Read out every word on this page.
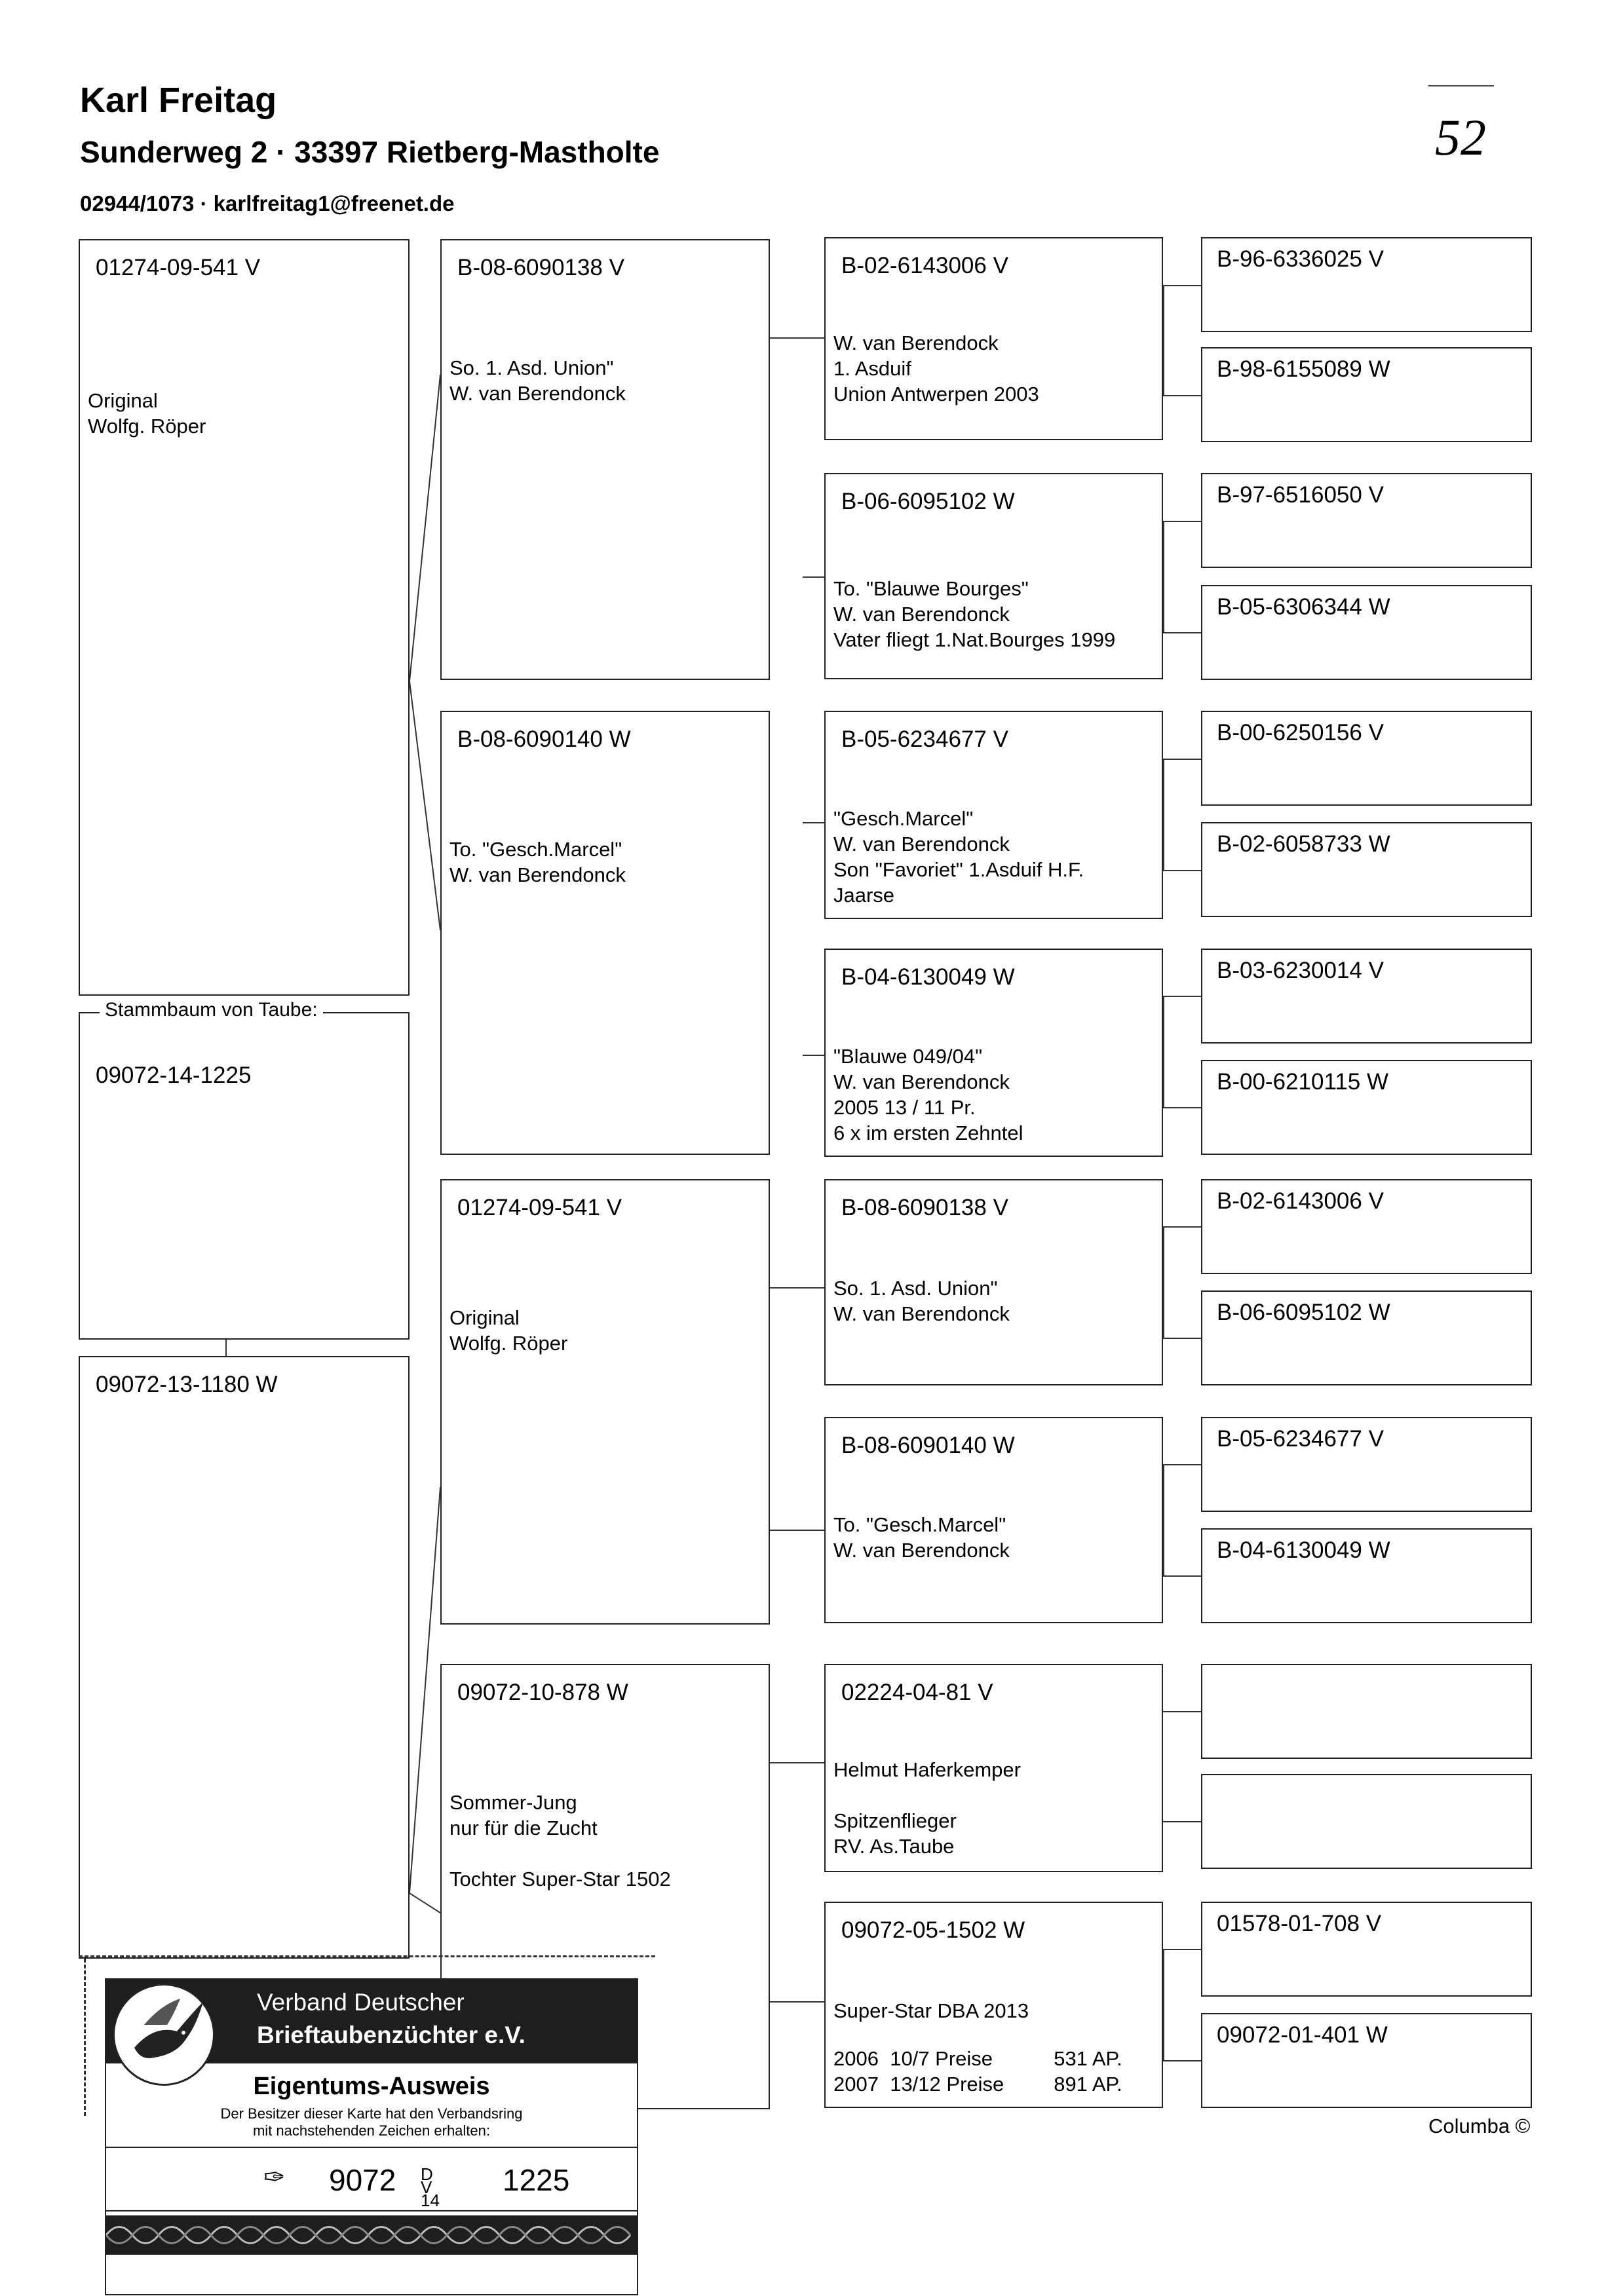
Karl Freitag
Sunderweg 2 · 33397 Rietberg-Mastholte
02944/1073 · karlfreitag1@freenet.de
52
01274-09-541 V
Original
Wolfg. Röper
Stammbaum von Taube:
09072-14-1225
09072-13-1180 W
B-08-6090138 V
So. 1. Asd. Union"
W. van Berendonck
B-08-6090140 W
To. "Gesch.Marcel"
W. van Berendonck
01274-09-541 V
Original
Wolfg. Röper
09072-10-878 W
Sommer-Jung
nur für die Zucht

Tochter Super-Star 1502
B-02-6143006 V
W. van Berendock
1. Asduif
Union Antwerpen 2003
B-06-6095102 W
To. "Blauwe Bourges"
W. van Berendonck
Vater fliegt 1.Nat.Bourges 1999
B-05-6234677 V
"Gesch.Marcel"
W. van Berendonck
Son "Favoriet" 1.Asduif H.F.
Jaarse
B-04-6130049 W
"Blauwe 049/04"
W. van Berendonck
2005 13 / 11 Pr.
6 x im ersten Zehntel
B-08-6090138 V
So. 1. Asd. Union"
W. van Berendonck
B-08-6090140 W
To. "Gesch.Marcel"
W. van Berendonck
02224-04-81 V
Helmut Haferkemper

Spitzenflieger
RV. As.Taube
09072-05-1502 W
Super-Star DBA 2013
2006 10/7 Preise	531 AP.
2007 13/12 Preise 891 AP.
B-96-6336025 V
B-98-6155089 W
B-97-6516050 V
B-05-6306344 W
B-00-6250156 V
B-02-6058733 W
B-03-6230014 V
B-00-6210115 W
B-02-6143006 V
B-06-6095102 W
B-05-6234677 V
B-04-6130049 W
01578-01-708 V
09072-01-401 W
Columba ©
Verband Deutscher
Brieftaubenzüchter e.V.
Eigentums-Ausweis
Der Besitzer dieser Karte hat den Verbandsring
mit nachstehenden Zeichen erhalten:
✑ 9072 DV 14
1225
